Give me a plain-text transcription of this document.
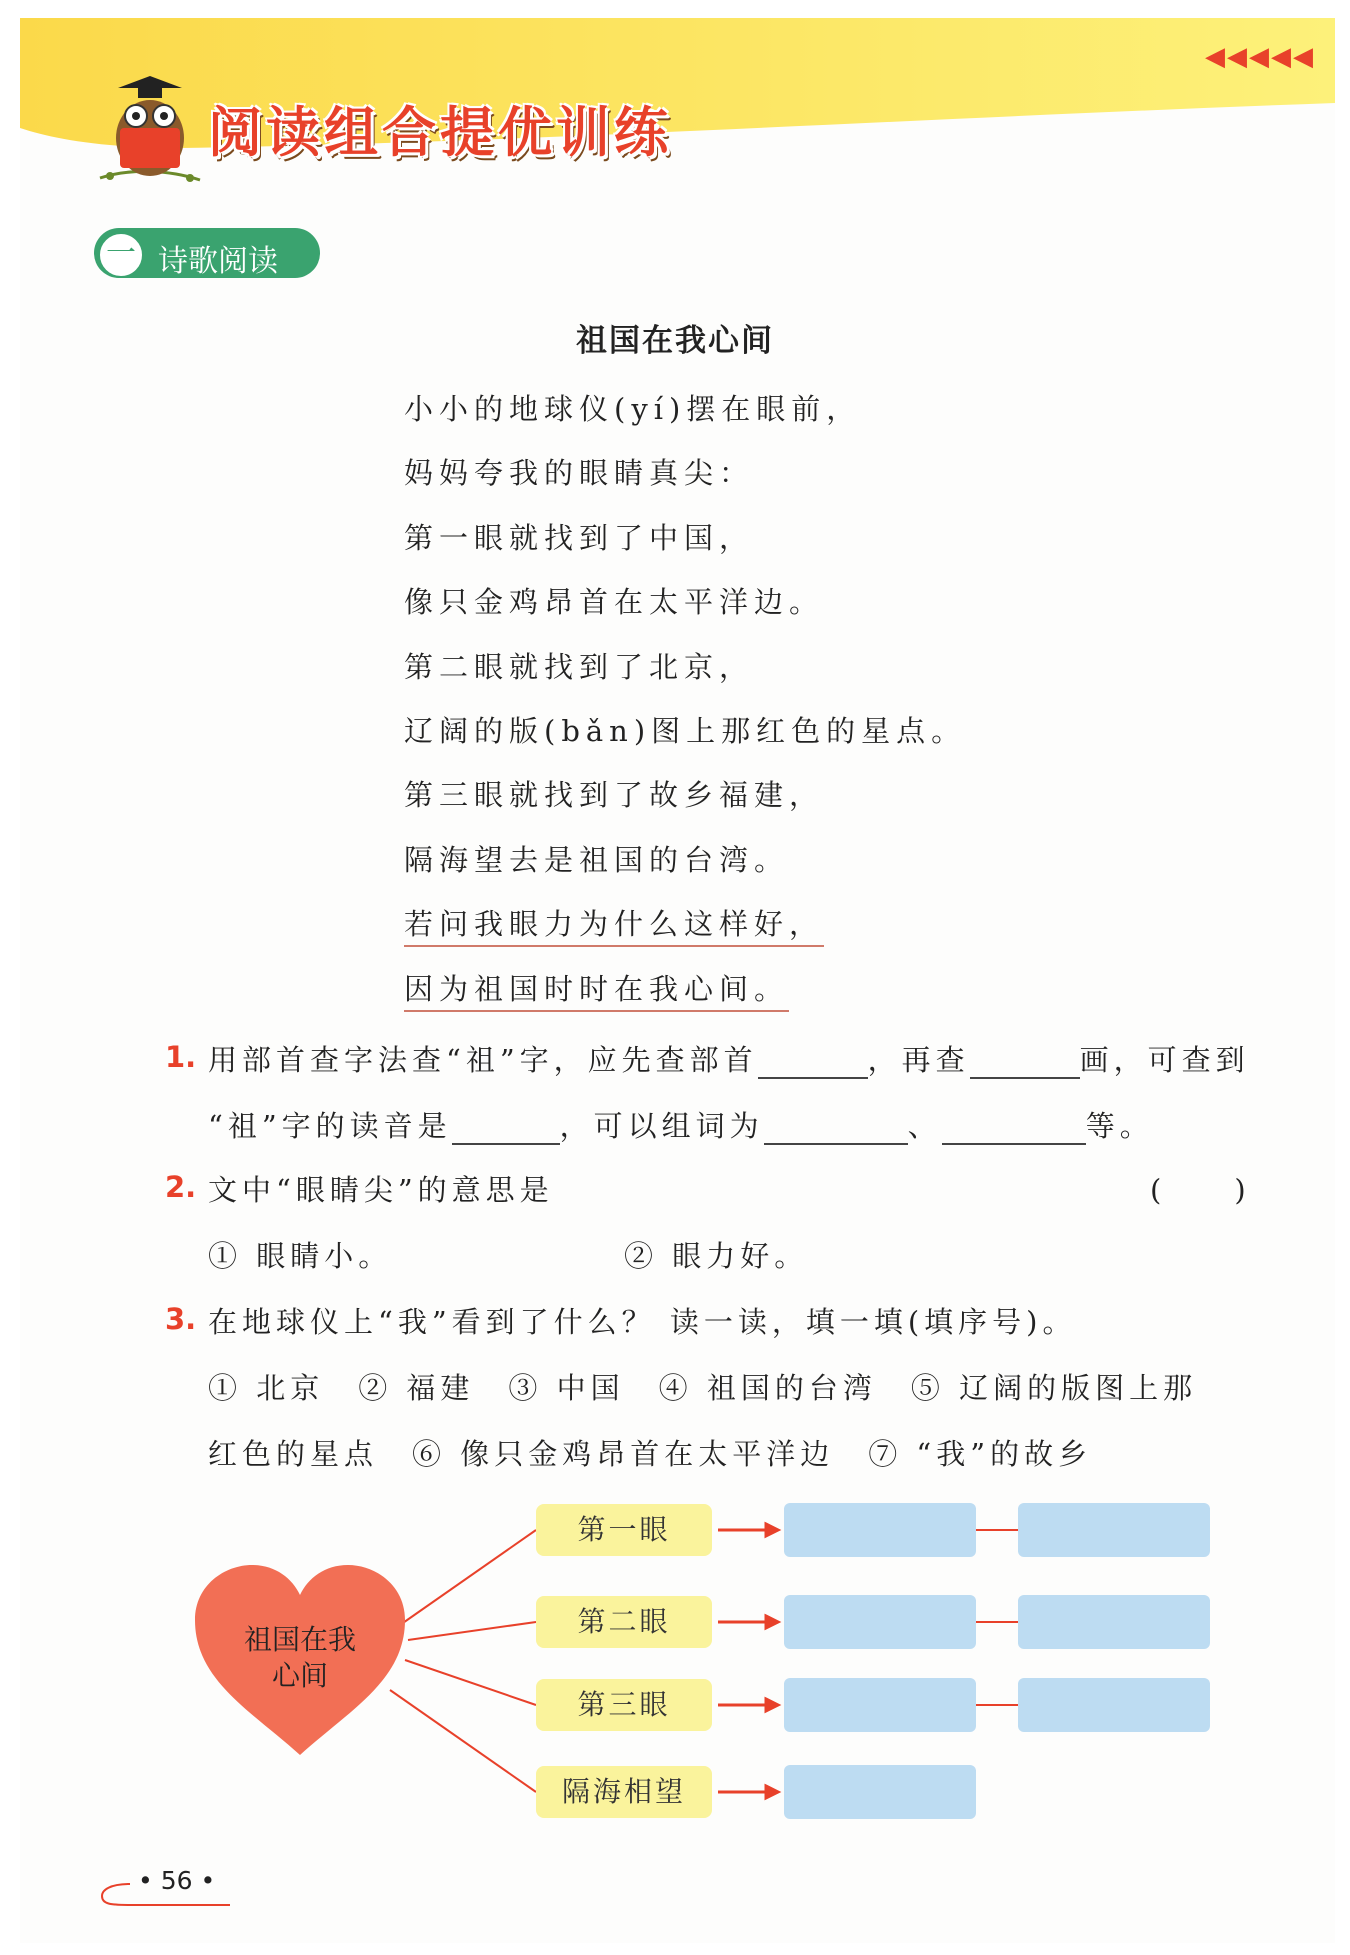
◀◀◀◀◀
阅读组合提优训练
一 诗歌阅读
祖国在我心间
小小的地球仪(yí)摆在眼前，
妈妈夸我的眼睛真尖：
第一眼就找到了中国，
像只金鸡昂首在太平洋边。
第二眼就找到了北京，
辽阔的版(bǎn)图上那红色的星点。
第三眼就找到了故乡福建，
隔海望去是祖国的台湾。
若问我眼力为什么这样好，
因为祖国时时在我心间。
1. 用部首查字法查“祖”字，应先查部首	，再查	画，可查到
“祖”字的读音是	，可以组词为	、	等。
2. 文中“眼睛尖”的意思是	(　　)
① 眼睛小。	② 眼力好。
3. 在地球仪上“我”看到了什么？ 读一读，填一填(填序号)。
① 北京　② 福建　③ 中国　④ 祖国的台湾　⑤ 辽阔的版图上那
红色的星点　⑥ 像只金鸡昂首在太平洋边　⑦ “我”的故乡
祖国在我
心间
第一眼
第二眼
第三眼
隔海相望
• 56 •
